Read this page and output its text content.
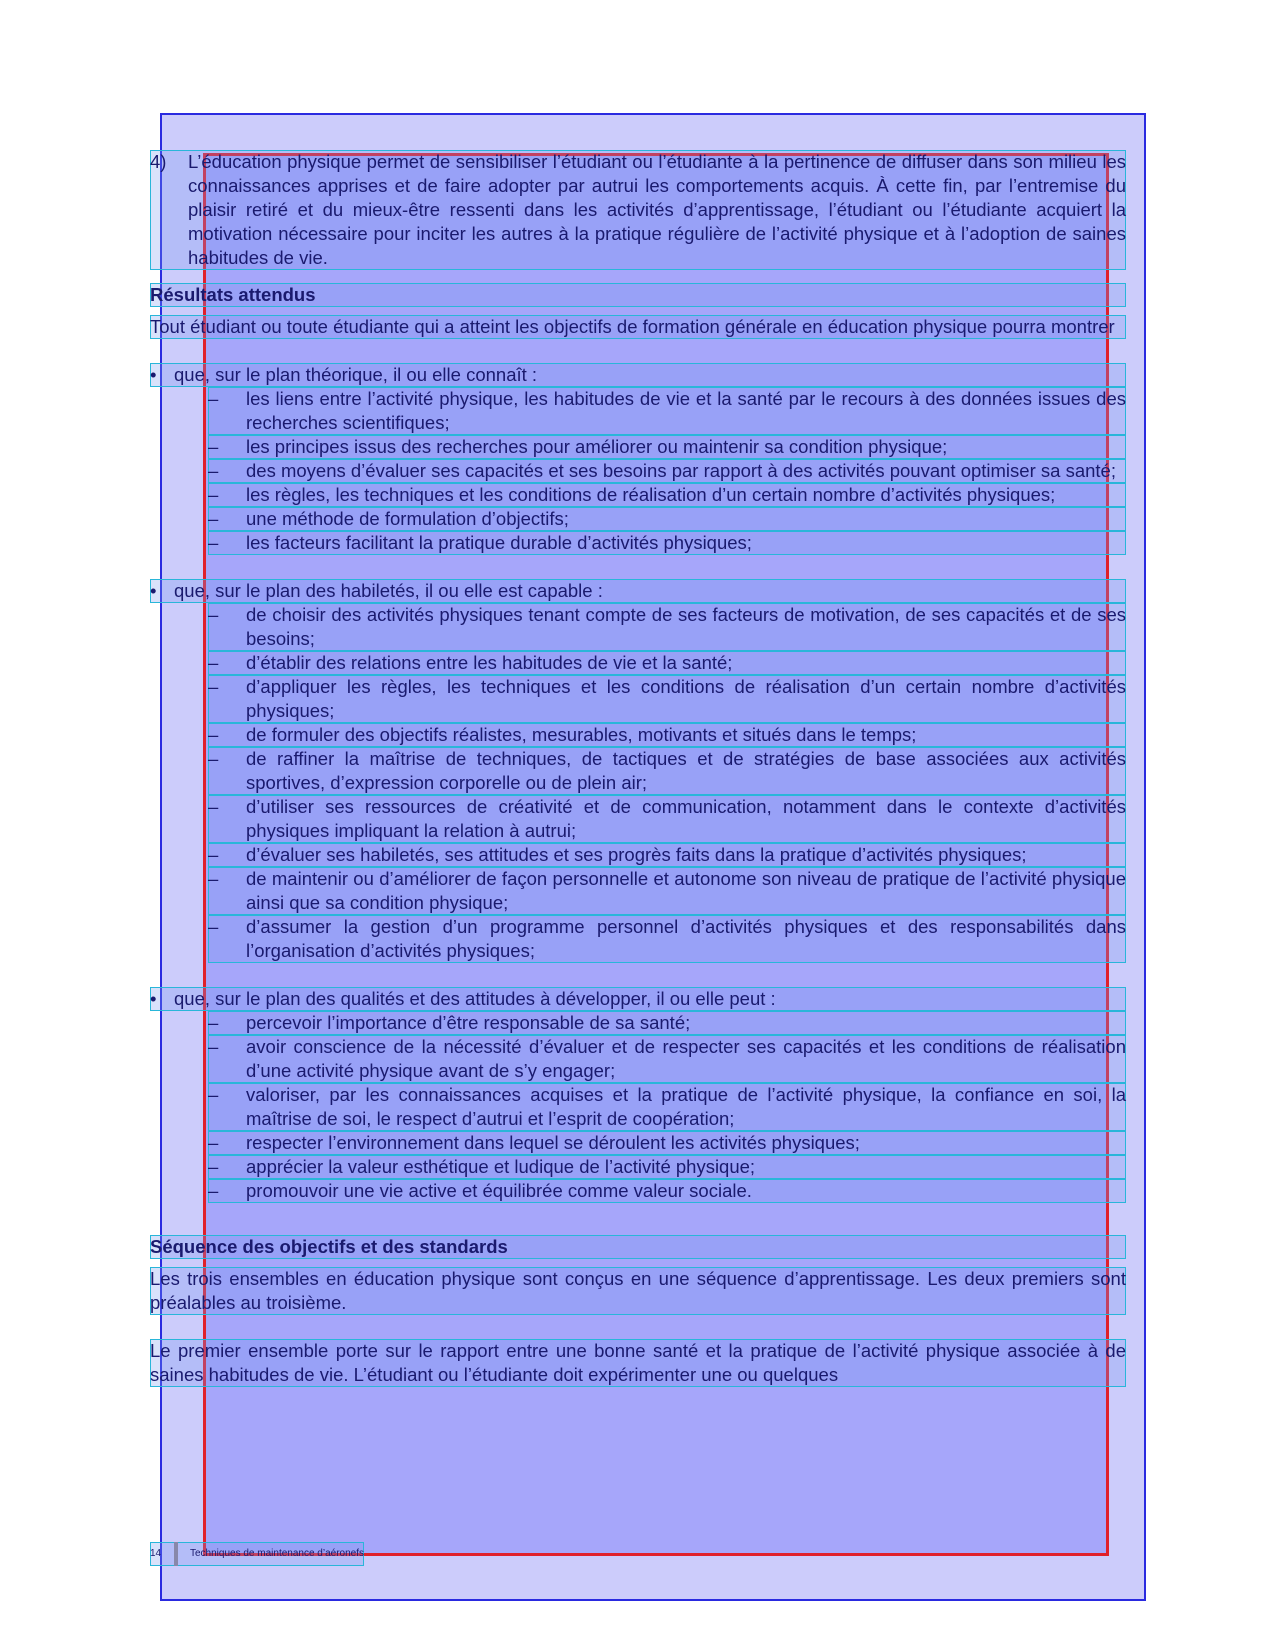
4)	L’éducation physique permet de sensibiliser l’étudiant ou l’étudiante à la pertinence de diffuser dans son milieu les connaissances apprises et de faire adopter par autrui les comportements acquis. À cette fin, par l’entremise du plaisir retiré et du mieux-être ressenti dans les activités d’apprentissage, l’étudiant ou l’étudiante acquiert la motivation nécessaire pour inciter les autres à la pratique régulière de l’activité physique et à l’adoption de saines habitudes de vie.

Résultats attendus

Tout étudiant ou toute étudiante qui a atteint les objectifs de formation générale en éducation physique pourra montrer

• que, sur le plan théorique, il ou elle connaît :
–	les liens entre l’activité physique, les habitudes de vie et la santé par le recours à des données issues des recherches scientifiques;
–	les principes issus des recherches pour améliorer ou maintenir sa condition physique;
–	des moyens d’évaluer ses capacités et ses besoins par rapport à des activités pouvant optimiser sa santé;
–	les règles, les techniques et les conditions de réalisation d’un certain nombre d’activités physiques;
–	une méthode de formulation d’objectifs;
–	les facteurs facilitant la pratique durable d’activités physiques;
• que, sur le plan des habiletés, il ou elle est capable :
–	de choisir des activités physiques tenant compte de ses facteurs de motivation, de ses capacités et de ses besoins;
–	d’établir des relations entre les habitudes de vie et la santé;
–	d’appliquer les règles, les techniques et les conditions de réalisation d’un certain nombre d’activités physiques;
–	de formuler des objectifs réalistes, mesurables, motivants et situés dans le temps;
–	de raffiner la maîtrise de techniques, de tactiques et de stratégies de base associées aux activités sportives, d’expression corporelle ou de plein air;
–	d’utiliser ses ressources de créativité et de communication, notamment dans le contexte d’activités physiques impliquant la relation à autrui;
–	d’évaluer ses habiletés, ses attitudes et ses progrès faits dans la pratique d’activités physiques;
–	de maintenir ou d’améliorer de façon personnelle et autonome son niveau de pratique de l’activité physique ainsi que sa condition physique;
–	d’assumer la gestion d’un programme personnel d’activités physiques et des responsabilités dans l’organisation d’activités physiques;
• que, sur le plan des qualités et des attitudes à développer, il ou elle peut :
–	percevoir l’importance d’être responsable de sa santé;
–	avoir conscience de la nécessité d’évaluer et de respecter ses capacités et les conditions de réalisation d’une activité physique avant de s’y engager;
–	valoriser, par les connaissances acquises et la pratique de l’activité physique, la confiance en soi, la maîtrise de soi, le respect d’autrui et l’esprit de coopération;
–	respecter l’environnement dans lequel se déroulent les activités physiques;
–	apprécier la valeur esthétique et ludique de l’activité physique;
–	promouvoir une vie active et équilibrée comme valeur sociale.

Séquence des objectifs et des standards

Les trois ensembles en éducation physique sont conçus en une séquence d’apprentissage. Les deux premiers sont préalables au troisième.

Le premier ensemble porte sur le rapport entre une bonne santé et la pratique de l’activité physique associée à de saines habitudes de vie. L’étudiant ou l’étudiante doit expérimenter une ou quelques

14	Techniques de maintenance d’aéronefs
